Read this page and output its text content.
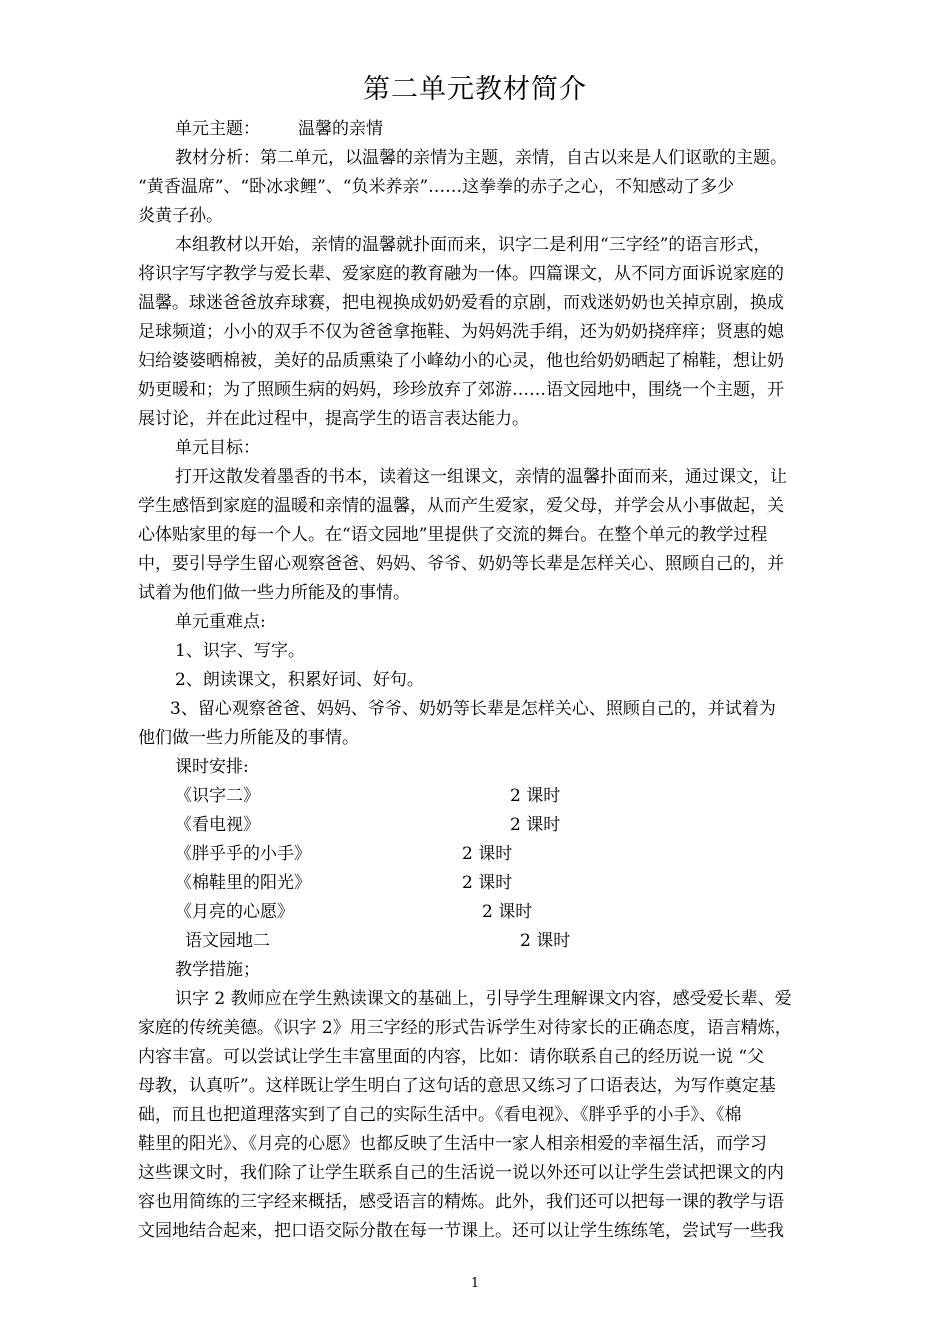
第二单元教材简介
单元主题： 温馨的亲情
教材分析：第二单元，以温馨的亲情为主题，亲情，自古以来是人们讴歌的主题。
“黄香温席”、“卧冰求鲤”、“负米养亲”……这拳拳的赤子之心，不知感动了多少
炎黄子孙。
本组教材以开始，亲情的温馨就扑面而来，识字二是利用“三字经”的语言形式，
将识字写字教学与爱长辈、爱家庭的教育融为一体。四篇课文，从不同方面诉说家庭的
温馨。球迷爸爸放弃球赛，把电视换成奶奶爱看的京剧，而戏迷奶奶也关掉京剧，换成
足球频道；小小的双手不仅为爸爸拿拖鞋、为妈妈洗手绢，还为奶奶挠痒痒；贤惠的媳
妇给婆婆晒棉被，美好的品质熏染了小峰幼小的心灵，他也给奶奶晒起了棉鞋，想让奶
奶更暖和；为了照顾生病的妈妈，珍珍放弃了郊游……语文园地中，围绕一个主题，开
展讨论，并在此过程中，提高学生的语言表达能力。
单元目标：
打开这散发着墨香的书本，读着这一组课文，亲情的温馨扑面而来，通过课文，让
学生感悟到家庭的温暖和亲情的温馨，从而产生爱家，爱父母，并学会从小事做起，关
心体贴家里的每一个人。在“语文园地”里提供了交流的舞台。在整个单元的教学过程
中，要引导学生留心观察爸爸、妈妈、爷爷、奶奶等长辈是怎样关心、照顾自己的，并
试着为他们做一些力所能及的事情。
单元重难点:
1、识字、写字。
2、朗读课文，积累好词、好句。
3、留心观察爸爸、妈妈、爷爷、奶奶等长辈是怎样关心、照顾自己的，并试着为
他们做一些力所能及的事情。
课时安排:
《识字二》	2 课时
《看电视》	2 课时
《胖乎乎的小手》	2 课时
《棉鞋里的阳光》	2 课时
《月亮的心愿》	2 课时
语文园地二	2 课时
教学措施；
识字 2 教师应在学生熟读课文的基础上，引导学生理解课文内容，感受爱长辈、爱
家庭的传统美德。《识字 2》用三字经的形式告诉学生对待家长的正确态度，语言精炼，
内容丰富。可以尝试让学生丰富里面的内容，比如：请你联系自己的经历说一说 “父
母教，认真听”。这样既让学生明白了这句话的意思又练习了口语表达，为写作奠定基
础，而且也把道理落实到了自己的实际生活中。《看电视》、《胖乎乎的小手》、《棉
鞋里的阳光》、《月亮的心愿》也都反映了生活中一家人相亲相爱的幸福生活，而学习
这些课文时，我们除了让学生联系自己的生活说一说以外还可以让学生尝试把课文的内
容也用简练的三字经来概括，感受语言的精炼。此外，我们还可以把每一课的教学与语
文园地结合起来，把口语交际分散在每一节课上。还可以让学生练练笔，尝试写一些我
1
